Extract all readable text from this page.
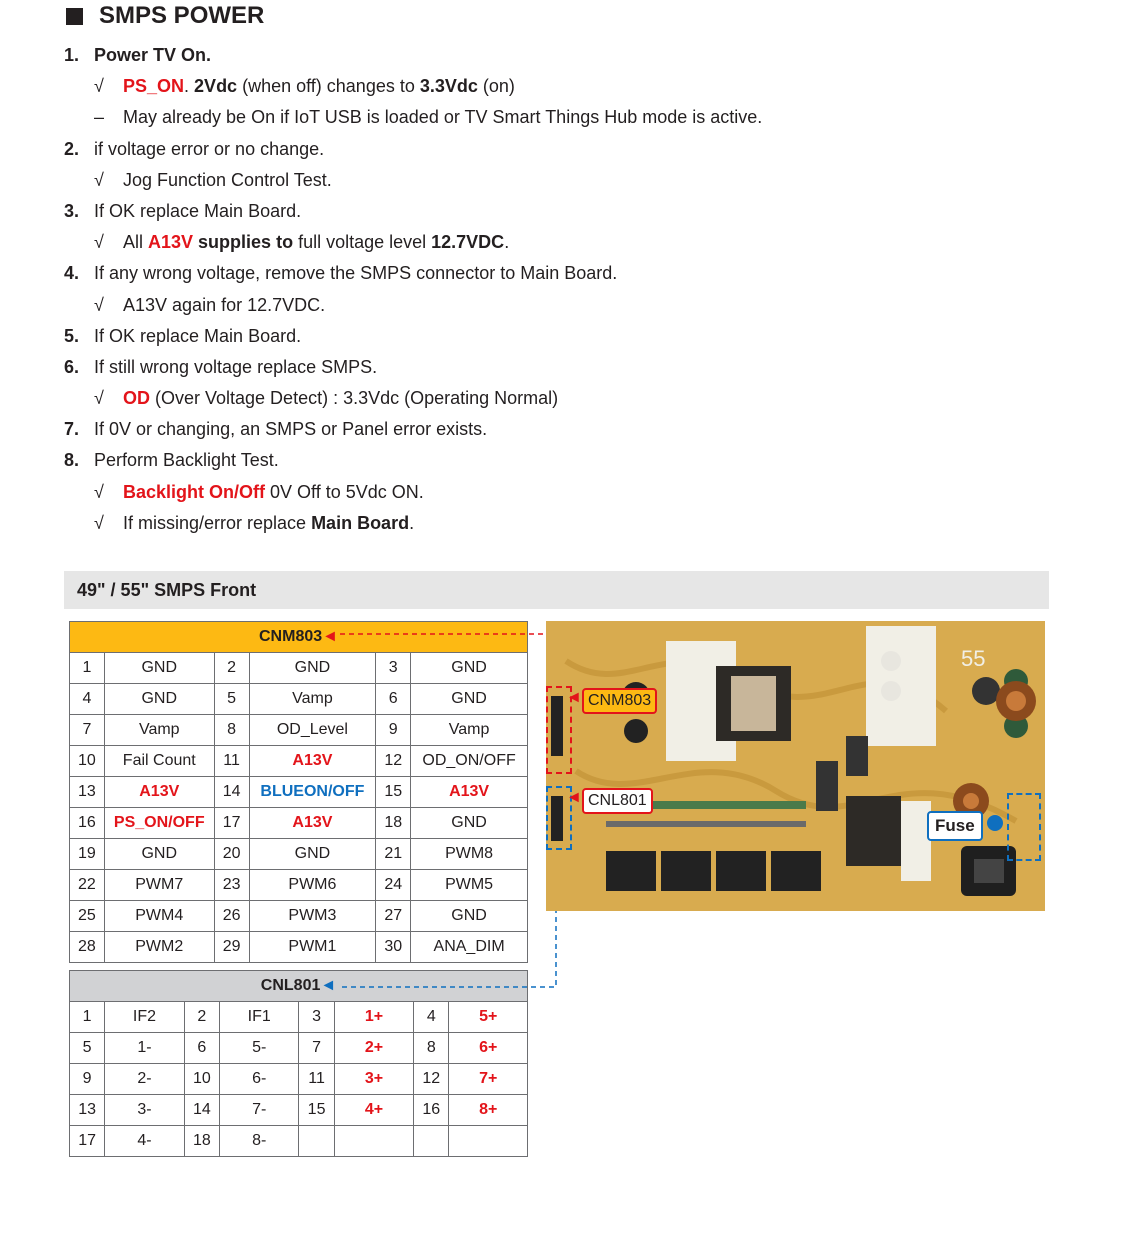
SMPS POWER
1. Power TV On.
√ PS_ON. 2Vdc (when off) changes to 3.3Vdc (on)
– May already be On if IoT USB is loaded or TV Smart Things Hub mode is active.
2. if voltage error or no change.
√ Jog Function Control Test.
3. If OK replace Main Board.
√ All A13V supplies to full voltage level 12.7VDC.
4. If any wrong voltage, remove the SMPS connector to Main Board.
√ A13V again for 12.7VDC.
5. If OK replace Main Board.
6. If still wrong voltage replace SMPS.
√ OD (Over Voltage Detect) : 3.3Vdc (Operating Normal)
7. If 0V or changing, an SMPS or Panel error exists.
8. Perform Backlight Test.
√ Backlight On/Off 0V Off to 5Vdc ON.
√ If missing/error replace Main Board.
49" / 55" SMPS Front
CNM803◄					
1	GND	2	GND	3	GND
4	GND	5	Vamp	6	GND
7	Vamp	8	OD_Level	9	Vamp
10	Fail Count	11	A13V	12	OD_ON/OFF
13	A13V	14	BLUEON/OFF	15	A13V
16	PS_ON/OFF	17	A13V	18	GND
19	GND	20	GND	21	PWM8
22	PWM7	23	PWM6	24	PWM5
25	PWM4	26	PWM3	27	GND
28	PWM2	29	PWM1	30	ANA_DIM
CNL801◄							
1	IF2	2	IF1	3	1+	4	5+
5	1-	6	5-	7	2+	8	6+
9	2-	10	6-	11	3+	12	7+
13	3-	14	7-	15	4+	16	8+
17	4-	18	8-				
55
◄ CNM803
◄ CNL801
Fuse
